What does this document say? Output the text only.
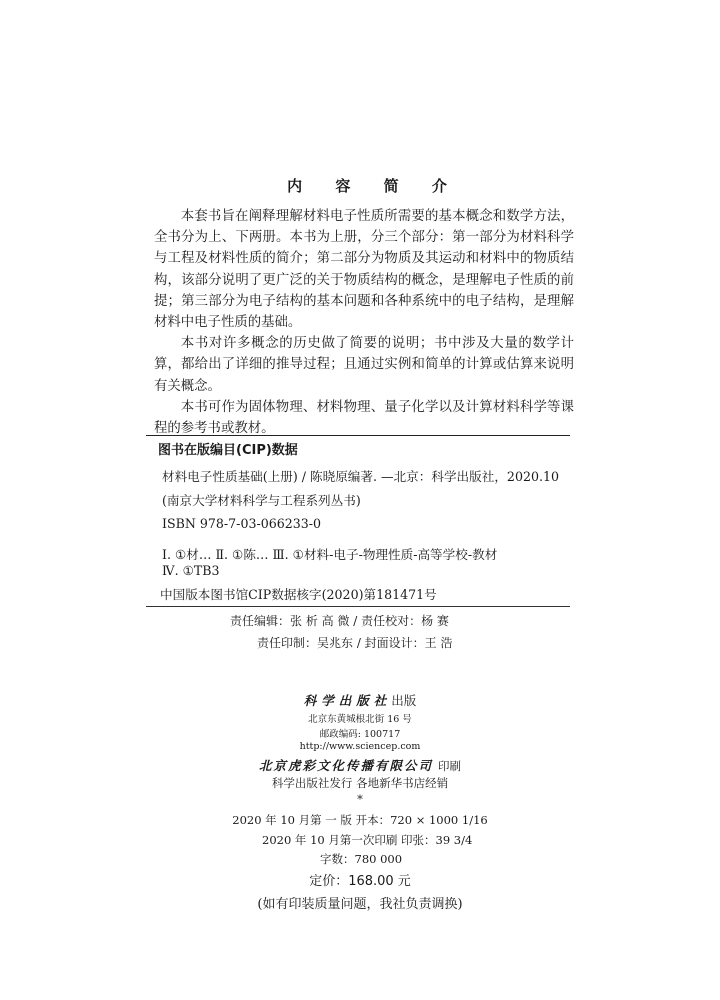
内 容 简 介

本套书旨在阐释理解材料电子性质所需要的基本概念和数学方法，全书分为上、下两册。本书为上册，分三个部分：第一部分为材料科学与工程及材料性质的简介；第二部分为物质及其运动和材料中的物质结构，该部分说明了更广泛的关于物质结构的概念，是理解电子性质的前提；第三部分为电子结构的基本问题和各种系统中的电子结构，是理解材料中电子性质的基础。

本书对许多概念的历史做了简要的说明；书中涉及大量的数学计算，都给出了详细的推导过程；且通过实例和简单的计算或估算来说明有关概念。

本书可作为固体物理、材料物理、量子化学以及计算材料科学等课程的参考书或教材。

图书在版编目(CIP)数据
材料电子性质基础(上册) / 陈晓原编著. —北京：科学出版社，2020.10
(南京大学材料科学与工程系列丛书)
ISBN 978-7-03-066233-0
Ⅰ. ①材… Ⅱ. ①陈… Ⅲ. ①材料-电子-物理性质-高等学校-教材
Ⅳ. ①TB3
中国版本图书馆CIP数据核字(2020)第181471号
责任编辑：张 析 高 微 / 责任校对：杨 赛
责任印制：吴兆东 / 封面设计：王 浩
科学出版社出版
北京东黄城根北街 16 号
邮政编码: 100717
http://www.sciencep.com
北京虎彩文化传播有限公司 印刷
科学出版社发行 各地新华书店经销
*
2020 年 10 月第 一 版 开本：720 × 1000 1/16
2020 年 10 月第一次印刷 印张：39 3/4
字数：780 000
定价：168.00 元
(如有印装质量问题，我社负责调换)
